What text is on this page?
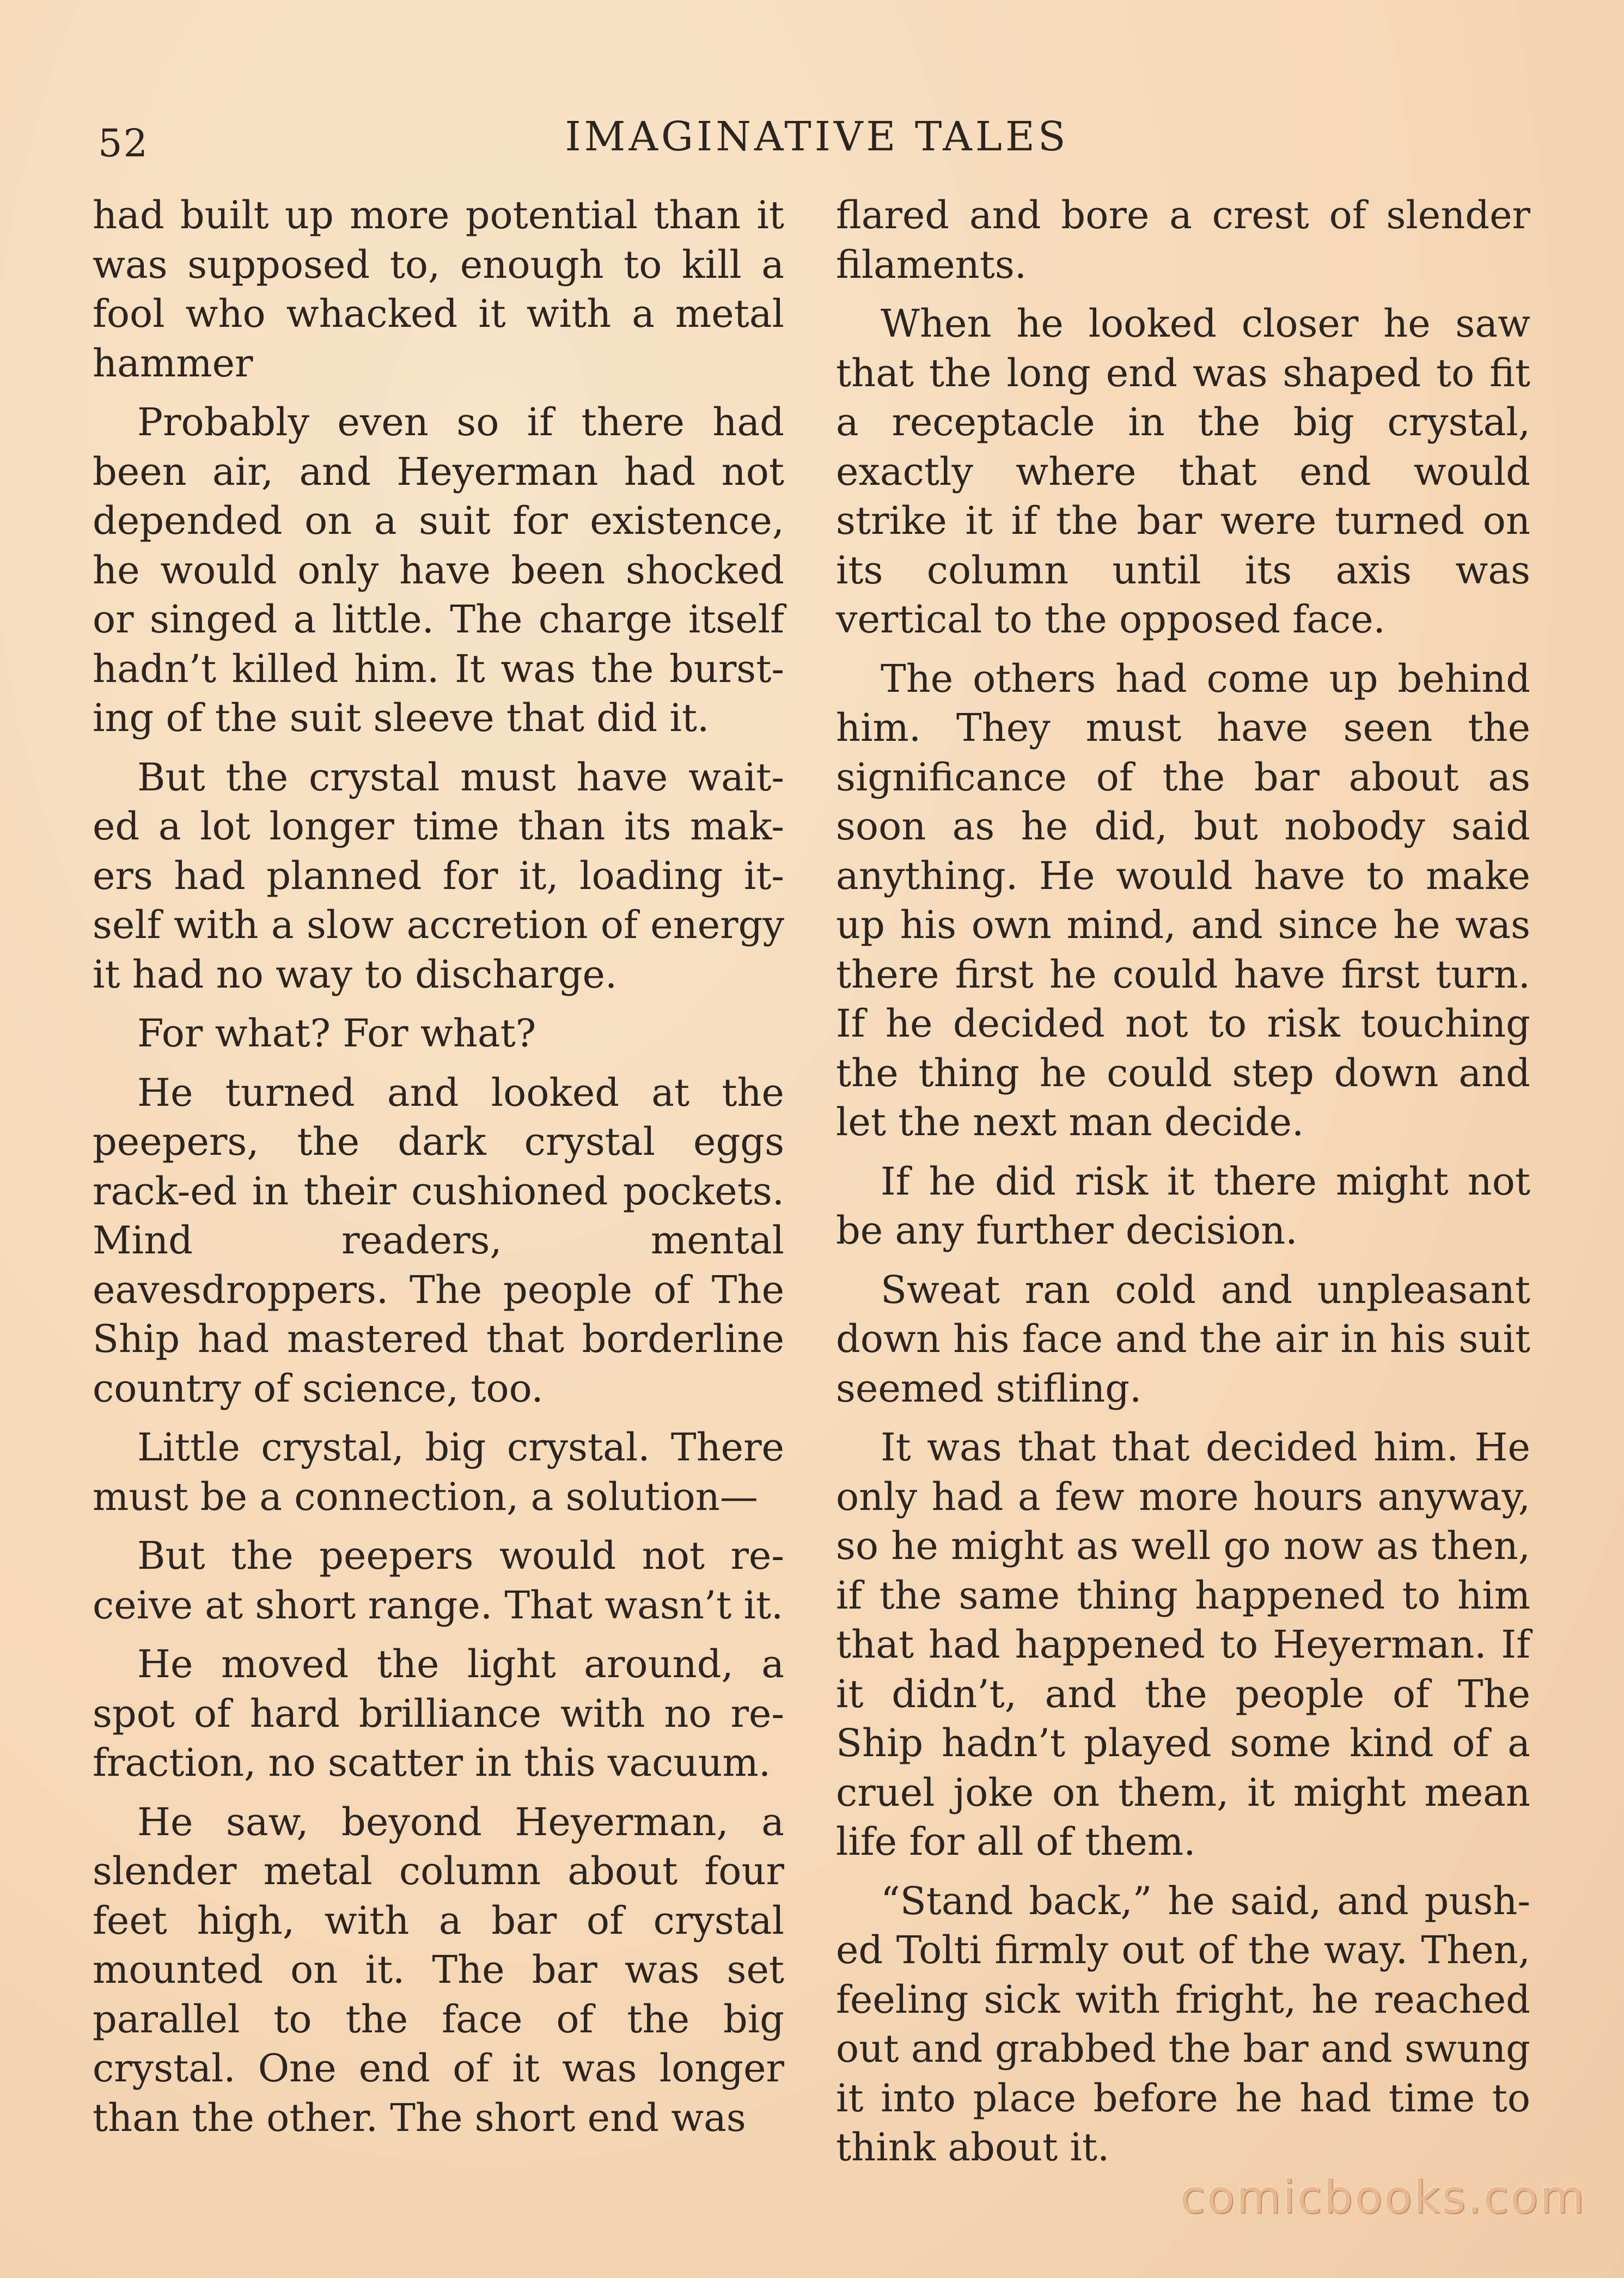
52	IMAGINATIVE TALES

had built up more potential than it was supposed to, enough to kill a fool who whacked it with a metal hammer

Probably even so if there had been air, and Heyerman had not depended on a suit for existence, he would only have been shocked or singed a little. The charge itself hadn’t killed him. It was the burst-ing of the suit sleeve that did it.

But the crystal must have wait-ed a lot longer time than its mak-ers had planned for it, loading it-self with a slow accretion of energy it had no way to discharge.

For what? For what?

He turned and looked at the peepers, the dark crystal eggs rack-ed in their cushioned pockets. Mind readers, mental eavesdroppers. The people of The Ship had mastered that borderline country of science, too.

Little crystal, big crystal. There must be a connection, a solution—

But the peepers would not re-ceive at short range. That wasn’t it.

He moved the light around, a spot of hard brilliance with no re-fraction, no scatter in this vacuum.

He saw, beyond Heyerman, a slender metal column about four feet high, with a bar of crystal mounted on it. The bar was set parallel to the face of the big crystal. One end of it was longer than the other. The short end was

flared and bore a crest of slender filaments.

When he looked closer he saw that the long end was shaped to fit a receptacle in the big crystal, exactly where that end would strike it if the bar were turned on its column until its axis was vertical to the opposed face.

The others had come up behind him. They must have seen the significance of the bar about as soon as he did, but nobody said anything. He would have to make up his own mind, and since he was there first he could have first turn. If he decided not to risk touching the thing he could step down and let the next man decide.

If he did risk it there might not be any further decision.

Sweat ran cold and unpleasant down his face and the air in his suit seemed stifling.

It was that that decided him. He only had a few more hours anyway, so he might as well go now as then, if the same thing happened to him that had happened to Heyerman. If it didn’t, and the people of The Ship hadn’t played some kind of a cruel joke on them, it might mean life for all of them.

“Stand back,” he said, and push-ed Tolti firmly out of the way. Then, feeling sick with fright, he reached out and grabbed the bar and swung it into place before he had time to think about it.

comicbooks.com
